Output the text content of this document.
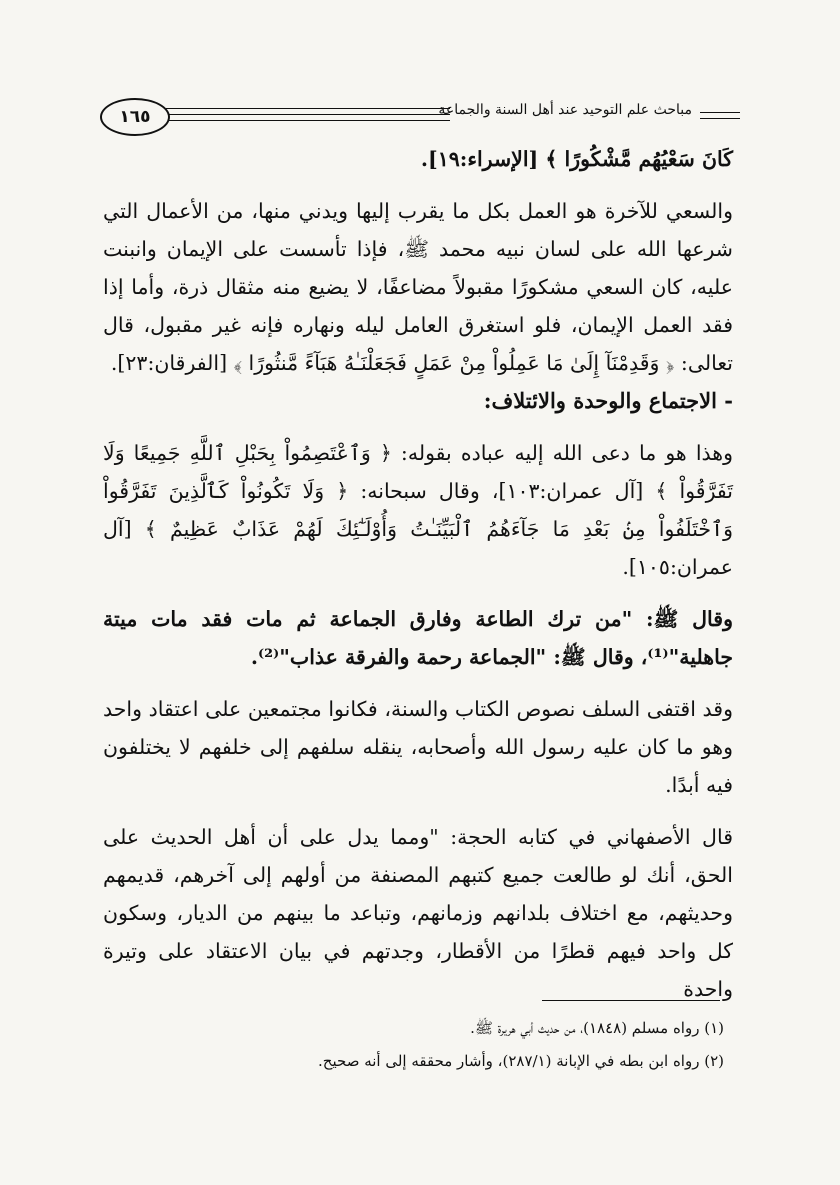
١٦٥	مباحث علم التوحيد عند أهل السنة والجماعة

كَانَ سَعْيُهُم مَّشْكُورًا ﴾ [الإسراء:١٩].

والسعي للآخرة هو العمل بكل ما يقرب إليها ويدني منها، من الأعمال التي شرعها الله على لسان نبيه محمد ﷺ، فإذا تأسست على الإيمان وانبنت عليه، كان السعي مشكورًا مقبولاً مضاعفًا، لا يضيع منه مثقال ذرة، وأما إذا فقد العمل الإيمان، فلو استغرق العامل ليله ونهاره فإنه غير مقبول، قال تعالى: ﴿ وَقَدِمْنَآ إِلَىٰ مَا عَمِلُواْ مِنْ عَمَلٍ فَجَعَلْنَـٰهُ هَبَآءً مَّنثُورًا ﴾ [الفرقان:٢٣].

- الاجتماع والوحدة والائتلاف:

وهذا هو ما دعى الله إليه عباده بقوله: ﴿ وَٱعْتَصِمُواْ بِحَبْلِ ٱللَّهِ جَمِيعًا وَلَا تَفَرَّقُواْ ﴾ [آل عمران:١٠٣]، وقال سبحانه: ﴿ وَلَا تَكُونُواْ كَٱلَّذِينَ تَفَرَّقُواْ وَٱخْتَلَفُواْ مِنۢ بَعْدِ مَا جَآءَهُمُ ٱلْبَيِّنَـٰتُ وَأُوْلَـٰٓئِكَ لَهُمْ عَذَابٌ عَظِيمٌ ﴾ [آل عمران:١٠٥].

وقال ﷺ: "من ترك الطاعة وفارق الجماعة ثم مات فقد مات ميتة جاهلية"⁽¹⁾، وقال ﷺ: "الجماعة رحمة والفرقة عذاب"⁽²⁾.

وقد اقتفى السلف نصوص الكتاب والسنة، فكانوا مجتمعين على اعتقاد واحد وهو ما كان عليه رسول الله وأصحابه، ينقله سلفهم إلى خلفهم لا يختلفون فيه أبدًا.

قال الأصفهاني في كتابه الحجة: "ومما يدل على أن أهل الحديث على الحق، أنك لو طالعت جميع كتبهم المصنفة من أولهم إلى آخرهم، قديمهم وحديثهم، مع اختلاف بلدانهم وزمانهم، وتباعد ما بينهم من الديار، وسكون كل واحد فيهم قطرًا من الأقطار، وجدتهم في بيان الاعتقاد على وتيرة واحدة

(١) رواه مسلم (١٨٤٨)، من حديث أبي هريرة ﷺ.

(٢) رواه ابن بطه في الإبانة (٢٨٧/١)، وأشار محققه إلى أنه صحيح.
